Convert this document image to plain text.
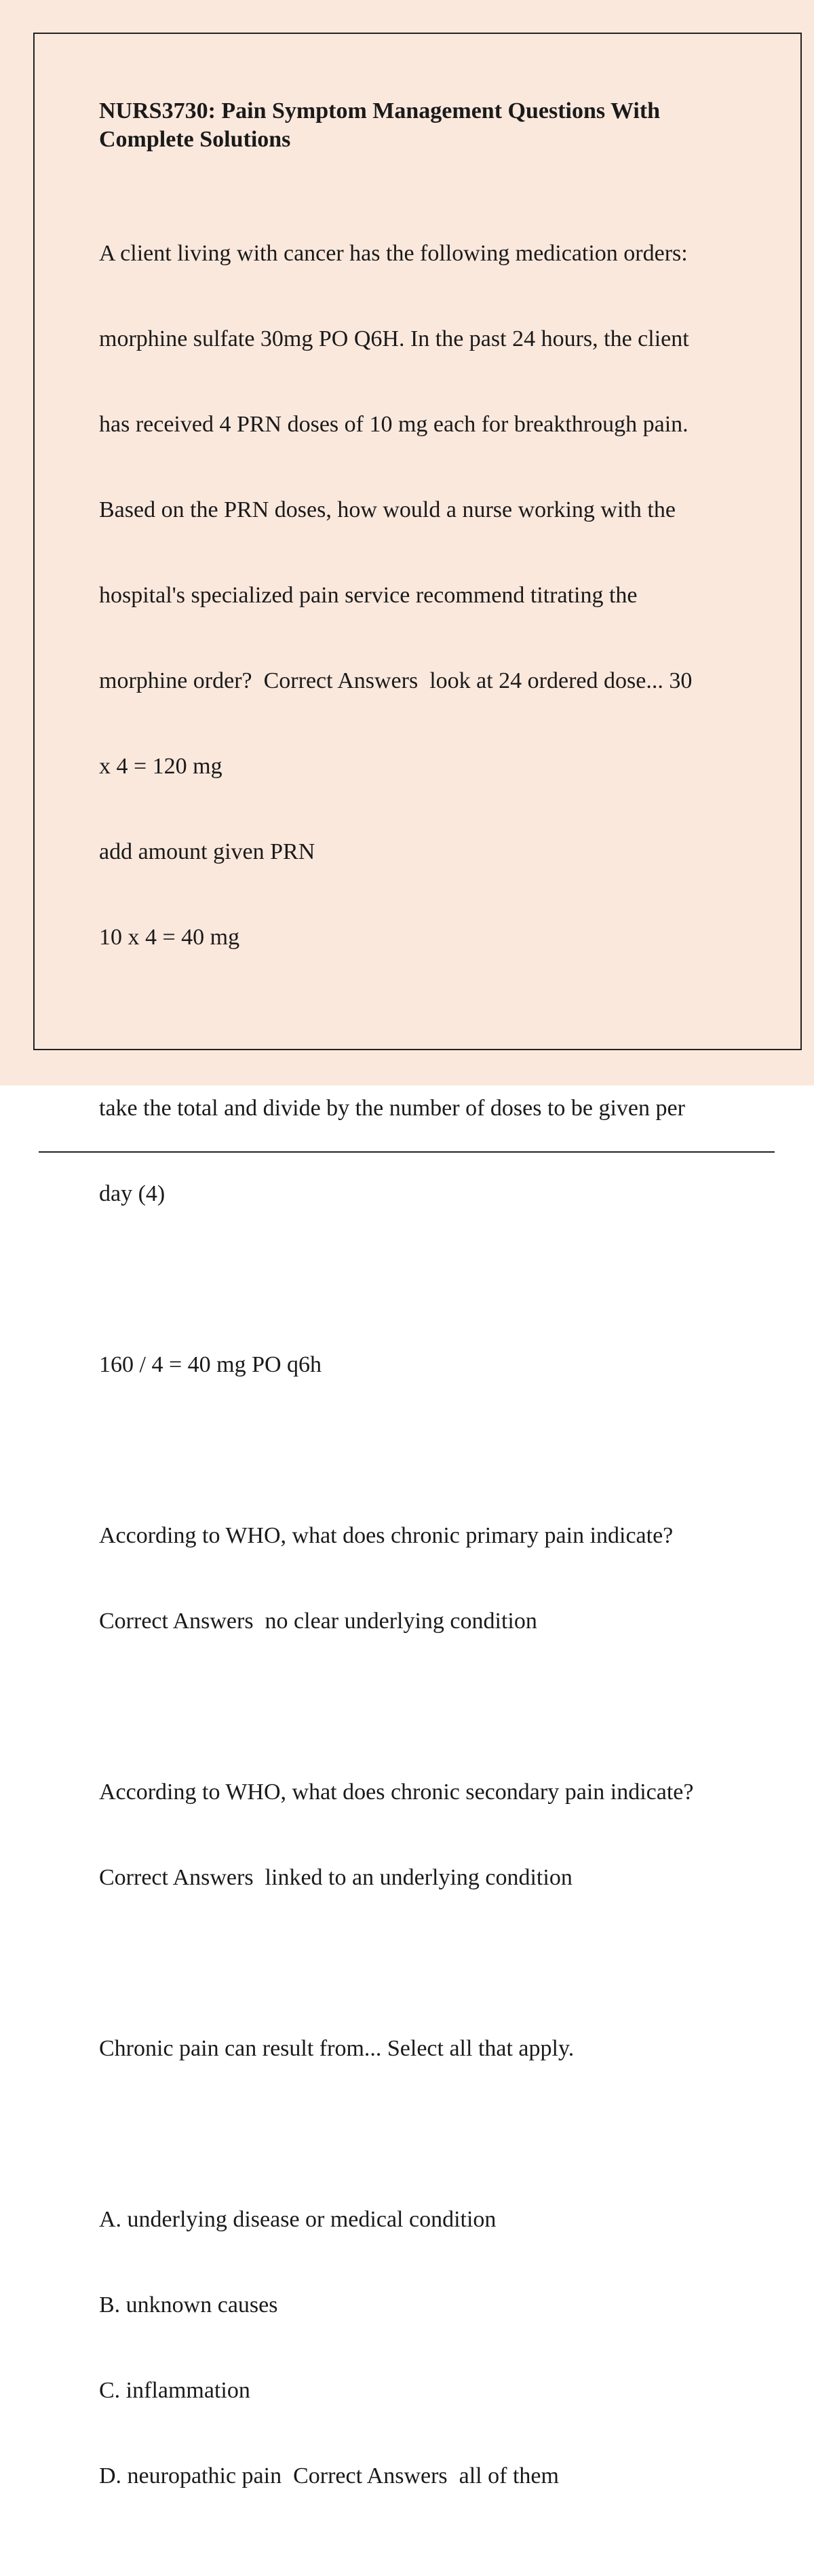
NURS3730: Pain Symptom Management Questions With
Complete Solutions

A client living with cancer has the following medication orders:

morphine sulfate 30mg PO Q6H. In the past 24 hours, the client

has received 4 PRN doses of 10 mg each for breakthrough pain.

Based on the PRN doses, how would a nurse working with the

hospital's specialized pain service recommend titrating the

morphine order?  Correct Answers  look at 24 ordered dose... 30

x 4 = 120 mg

add amount given PRN

10 x 4 = 40 mg

take the total and divide by the number of doses to be given per

day (4)

160 / 4 = 40 mg PO q6h

According to WHO, what does chronic primary pain indicate?

Correct Answers  no clear underlying condition

According to WHO, what does chronic secondary pain indicate?

Correct Answers  linked to an underlying condition

Chronic pain can result from... Select all that apply.

A. underlying disease or medical condition

B. unknown causes

C. inflammation

D. neuropathic pain  Correct Answers  all of them
